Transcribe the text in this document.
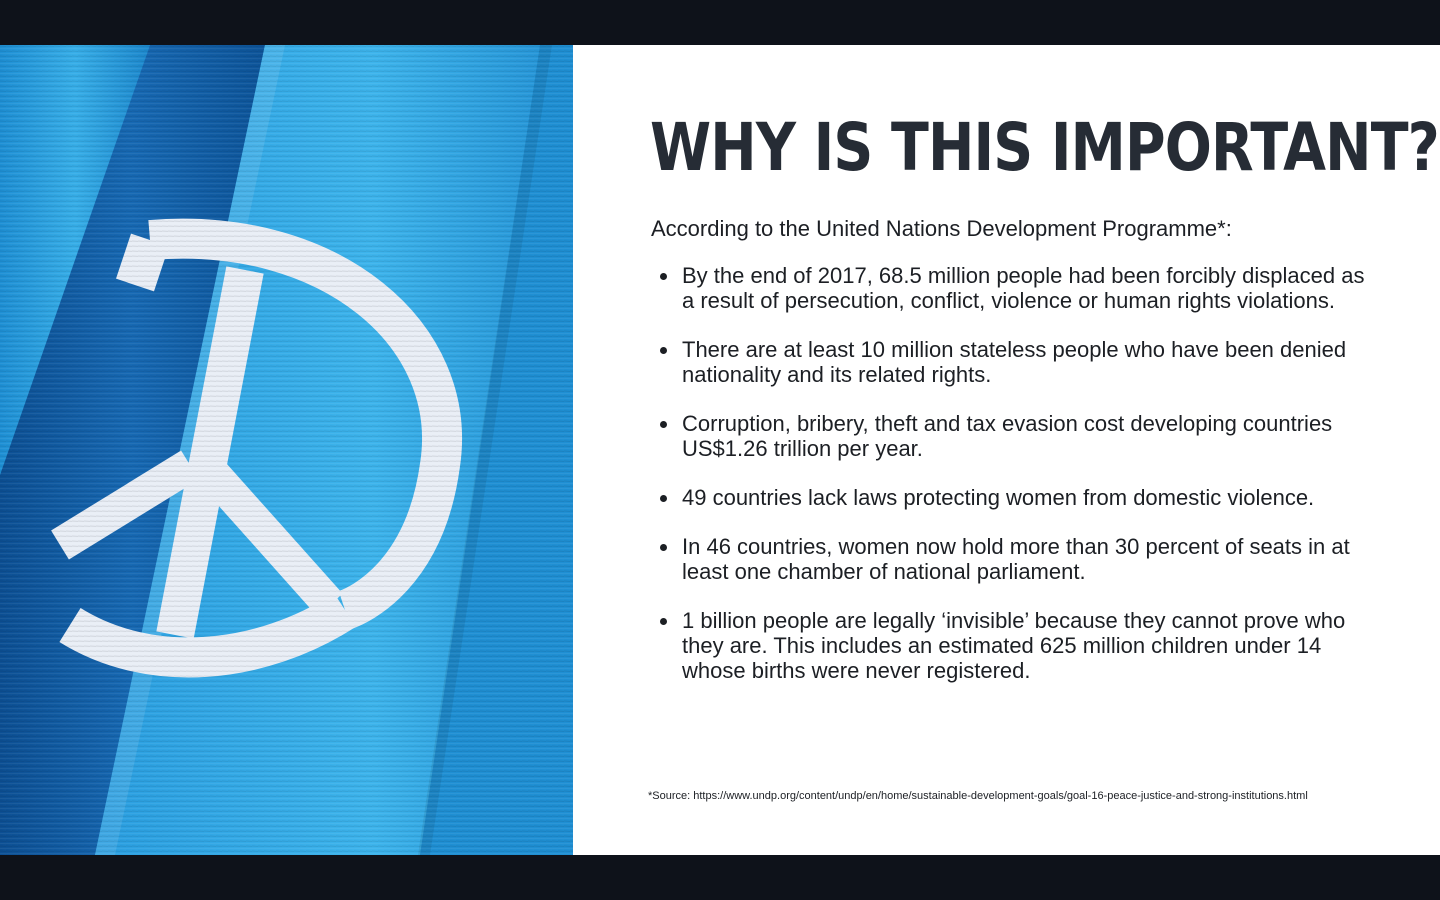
WHY IS THIS IMPORTANT?

According to the United Nations Development Programme*:

By the end of 2017, 68.5 million people had been forcibly displaced as a result of persecution, conflict, violence or human rights violations.
There are at least 10 million stateless people who have been denied nationality and its related rights.
Corruption, bribery, theft and tax evasion cost developing countries US$1.26 trillion per year.
49 countries lack laws protecting women from domestic violence.
In 46 countries, women now hold more than 30 percent of seats in at least one chamber of national parliament.
1 billion people are legally ‘invisible’ because they cannot prove who they are. This includes an estimated 625 million children under 14 whose births were never registered.

*Source: https://www.undp.org/content/undp/en/home/sustainable-development-goals/goal-16-peace-justice-and-strong-institutions.html
